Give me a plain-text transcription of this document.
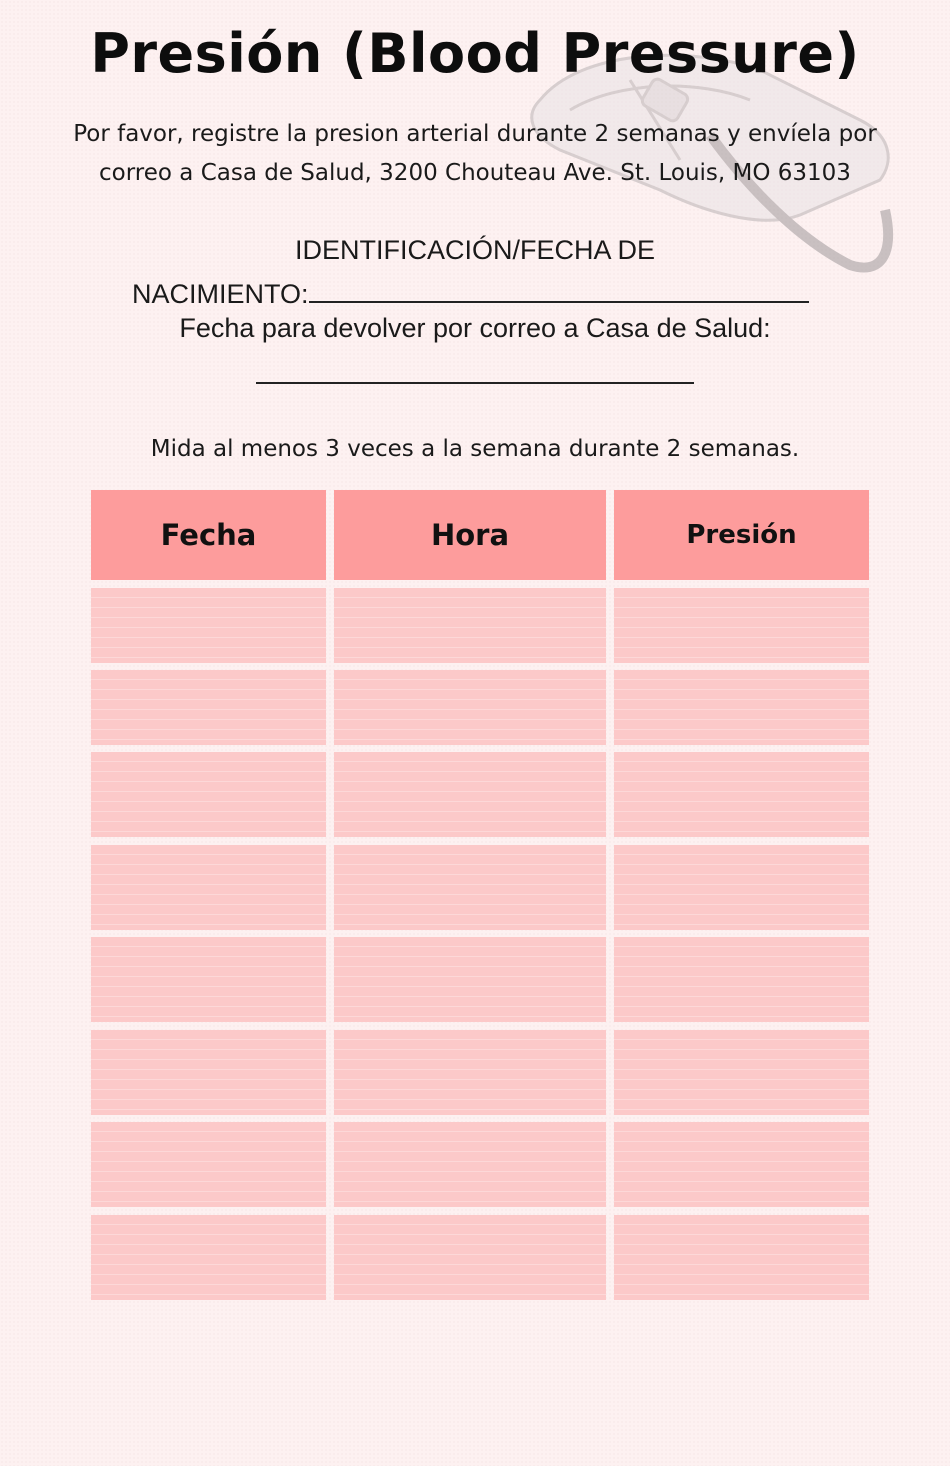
Presión (Blood Pressure)

Por favor, registre la presion arterial durante 2 semanas y envíela por correo a Casa de Salud, 3200 Chouteau Ave. St. Louis, MO 63103

IDENTIFICACIÓN/FECHA DE
NACIMIENTO:
Fecha para devolver por correo a Casa de Salud:
Mida al menos 3 veces a la semana durante 2 semanas.
Fecha	Hora	Presión
